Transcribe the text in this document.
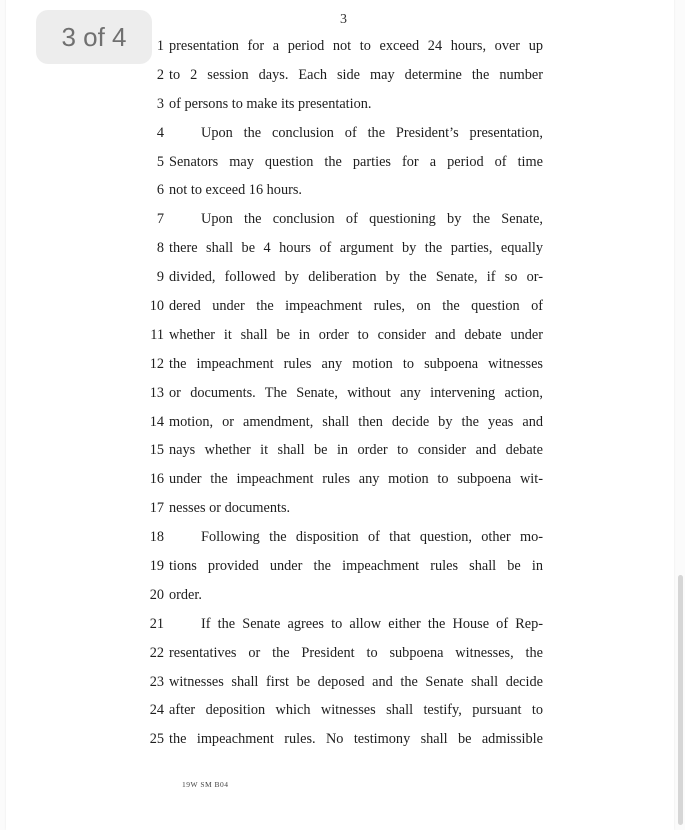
3
1 presentation for a period not to exceed 24 hours, over up
2 to 2 session days. Each side may determine the number
3 of persons to make its presentation.
4	Upon the conclusion of the President’s presentation,
5 Senators may question the parties for a period of time
6 not to exceed 16 hours.
7	Upon the conclusion of questioning by the Senate,
8 there shall be 4 hours of argument by the parties, equally
9 divided, followed by deliberation by the Senate, if so or-
10 dered under the impeachment rules, on the question of
11 whether it shall be in order to consider and debate under
12 the impeachment rules any motion to subpoena witnesses
13 or documents. The Senate, without any intervening action,
14 motion, or amendment, shall then decide by the yeas and
15 nays whether it shall be in order to consider and debate
16 under the impeachment rules any motion to subpoena wit-
17 nesses or documents.
18	Following the disposition of that question, other mo-
19 tions provided under the impeachment rules shall be in
20 order.
21	If the Senate agrees to allow either the House of Rep-
22 resentatives or the President to subpoena witnesses, the
23 witnesses shall first be deposed and the Senate shall decide
24 after deposition which witnesses shall testify, pursuant to
25 the impeachment rules. No testimony shall be admissible
19W SM B04
3 of 4
